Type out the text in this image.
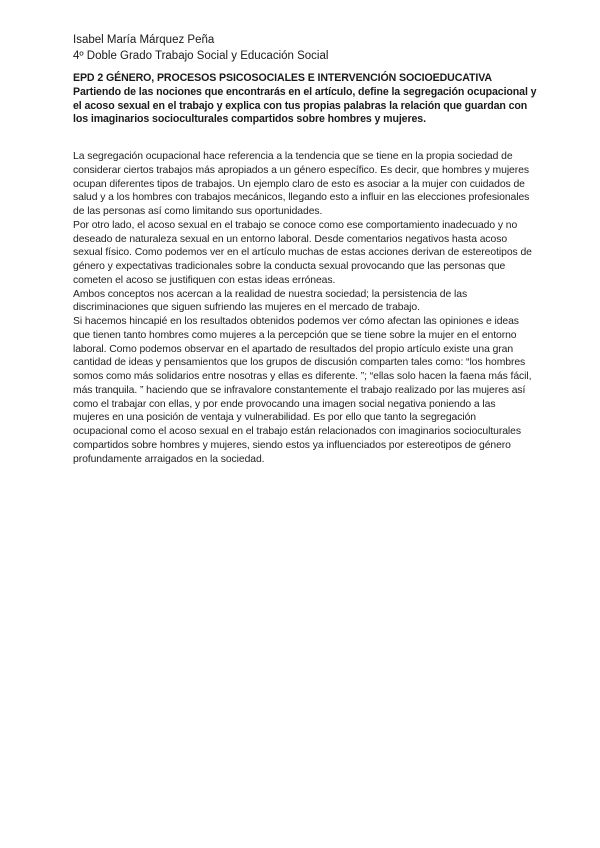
Isabel María Márquez Peña
4º Doble Grado Trabajo Social y Educación Social
EPD 2 GÉNERO, PROCESOS PSICOSOCIALES E INTERVENCIÓN SOCIOEDUCATIVA
Partiendo de las nociones que encontrarás en el artículo, define la segregación ocupacional y el acoso sexual en el trabajo y explica con tus propias palabras la relación que guardan con los imaginarios socioculturales compartidos sobre hombres y mujeres.

La segregación ocupacional hace referencia a la tendencia que se tiene en la propia sociedad de considerar ciertos trabajos más apropiados a un género específico. Es decir, que hombres y mujeres ocupan diferentes tipos de trabajos. Un ejemplo claro de esto es asociar a la mujer con cuidados de salud y a los hombres con trabajos mecánicos, llegando esto a influir en las elecciones profesionales de las personas así como limitando sus oportunidades.

Por otro lado, el acoso sexual en el trabajo se conoce como ese comportamiento inadecuado y no deseado de naturaleza sexual en un entorno laboral. Desde comentarios negativos hasta acoso sexual físico. Como podemos ver en el artículo muchas de estas acciones derivan de estereotipos de género y expectativas tradicionales sobre la conducta sexual provocando que las personas que cometen el acoso se justifiquen con estas ideas erróneas.

Ambos conceptos nos acercan a la realidad de nuestra sociedad; la persistencia de las discriminaciones que siguen sufriendo las mujeres en el mercado de trabajo.

Si hacemos hincapié en los resultados obtenidos podemos ver cómo afectan las opiniones e ideas que tienen tanto hombres como mujeres a la percepción que se tiene sobre la mujer en el entorno laboral. Como podemos observar en el apartado de resultados del propio artículo existe una gran cantidad de ideas y pensamientos que los grupos de discusión comparten tales como: “los hombres somos como más solidarios entre nosotras y ellas es diferente. ”; “ellas solo hacen la faena más fácil, más tranquila. ” haciendo que se infravalore constantemente el trabajo realizado por las mujeres así como el trabajar con ellas, y por ende provocando una imagen social negativa poniendo a las mujeres en una posición de ventaja y vulnerabilidad. Es por ello que tanto la segregación ocupacional como el acoso sexual en el trabajo están relacionados con imaginarios socioculturales compartidos sobre hombres y mujeres, siendo estos ya influenciados por estereotipos de género profundamente arraigados en la sociedad.
